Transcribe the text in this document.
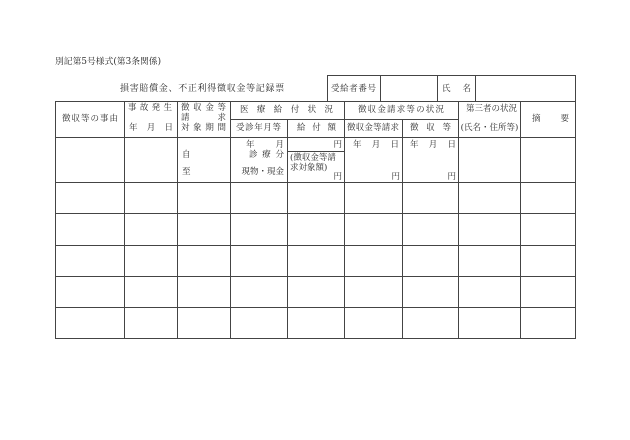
別記第5号様式(第3条関係)
損害賠償金、不正利得徴収金等記録票	受給者番号	氏名
徴収等の事由
事故発生
年月日
徴収金等
請求
対象期間
医療給付状況
受診年月等 給付額
徴収金請求等の状況
徴収金等請求 徴収等
第三者の状況
(氏名・住所等)
摘要
自
至
年月
診療分
現物・現金
円
(徴収金等請求対象額)
円
年月日
円
年月日
円
